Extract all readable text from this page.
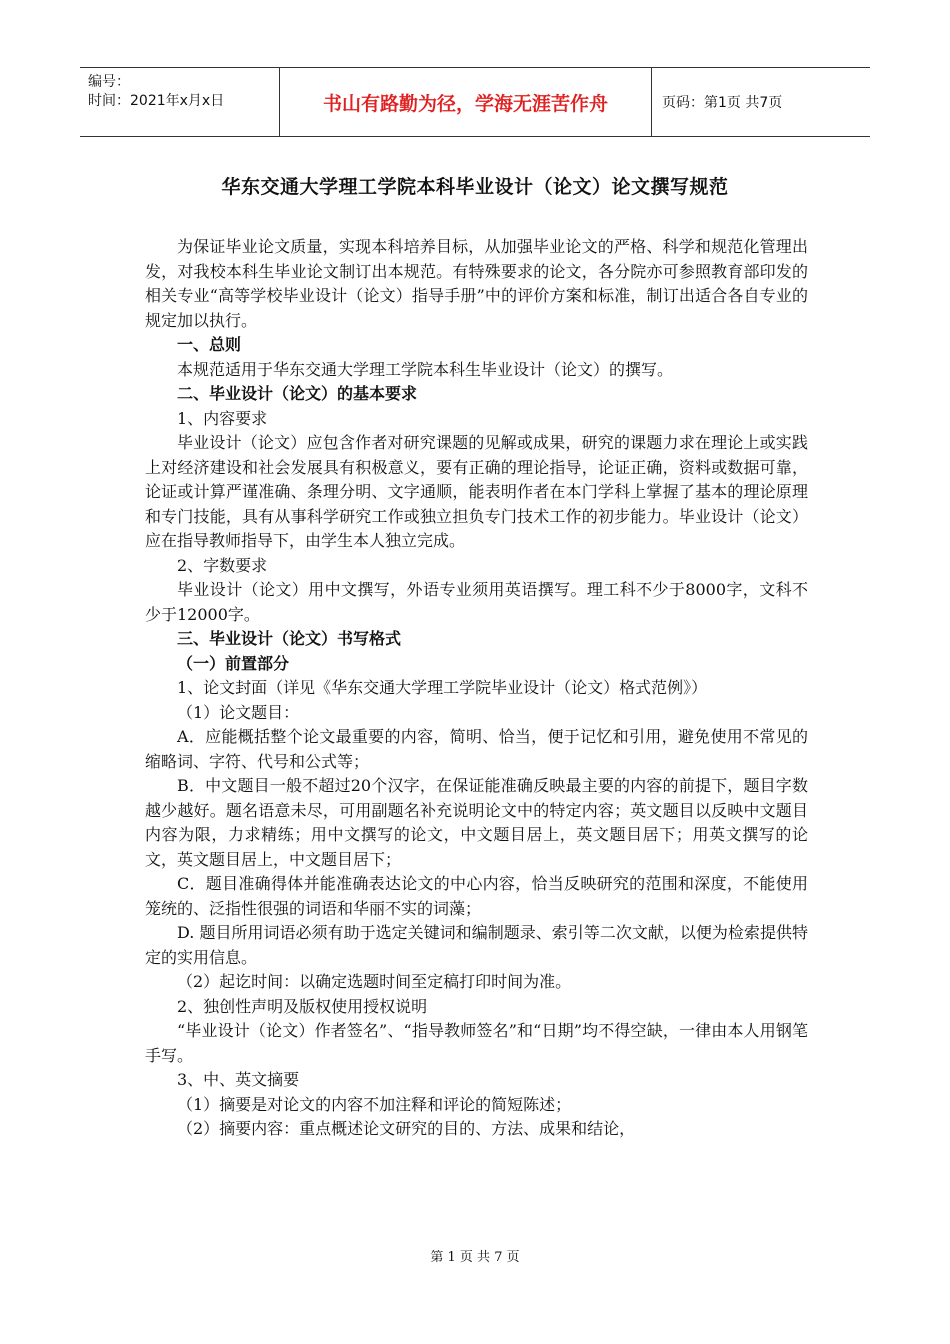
编号：
时间：2021年x月x日	书山有路勤为径，学海无涯苦作舟	页码：第1页 共7页
华东交通大学理工学院本科毕业设计（论文）论文撰写规范

为保证毕业论文质量，实现本科培养目标，从加强毕业论文的严格、科学和规范化管理出发，对我校本科生毕业论文制订出本规范。有特殊要求的论文，各分院亦可参照教育部印发的相关专业“高等学校毕业设计（论文）指导手册”中的评价方案和标准，制订出适合各自专业的规定加以执行。

一、总则

本规范适用于华东交通大学理工学院本科生毕业设计（论文）的撰写。

二、毕业设计（论文）的基本要求

1、内容要求

毕业设计（论文）应包含作者对研究课题的见解或成果，研究的课题力求在理论上或实践上对经济建设和社会发展具有积极意义，要有正确的理论指导，论证正确，资料或数据可靠，论证或计算严谨准确、条理分明、文字通顺，能表明作者在本门学科上掌握了基本的理论原理和专门技能，具有从事科学研究工作或独立担负专门技术工作的初步能力。毕业设计（论文）应在指导教师指导下，由学生本人独立完成。

2、字数要求

毕业设计（论文）用中文撰写，外语专业须用英语撰写。理工科不少于8000字，文科不少于12000字。

三、毕业设计（论文）书写格式

（一）前置部分

1、论文封面（详见《华东交通大学理工学院毕业设计（论文）格式范例》）

（1）论文题目：

A．应能概括整个论文最重要的内容，简明、恰当，便于记忆和引用，避免使用不常见的缩略词、字符、代号和公式等；

B．中文题目一般不超过20个汉字，在保证能准确反映最主要的内容的前提下，题目字数越少越好。题名语意未尽，可用副题名补充说明论文中的特定内容；英文题目以反映中文题目内容为限，力求精练；用中文撰写的论文，中文题目居上，英文题目居下；用英文撰写的论文，英文题目居上，中文题目居下；

C．题目准确得体并能准确表达论文的中心内容，恰当反映研究的范围和深度，不能使用笼统的、泛指性很强的词语和华丽不实的词藻；

D. 题目所用词语必须有助于选定关键词和编制题录、索引等二次文献，以便为检索提供特定的实用信息。

（2）起讫时间：以确定选题时间至定稿打印时间为准。

2、独创性声明及版权使用授权说明

“毕业设计（论文）作者签名”、“指导教师签名”和“日期”均不得空缺，一律由本人用钢笔手写。

3、中、英文摘要

（1）摘要是对论文的内容不加注释和评论的简短陈述；

（2）摘要内容：重点概述论文研究的目的、方法、成果和结论，

第 1 页 共 7 页
